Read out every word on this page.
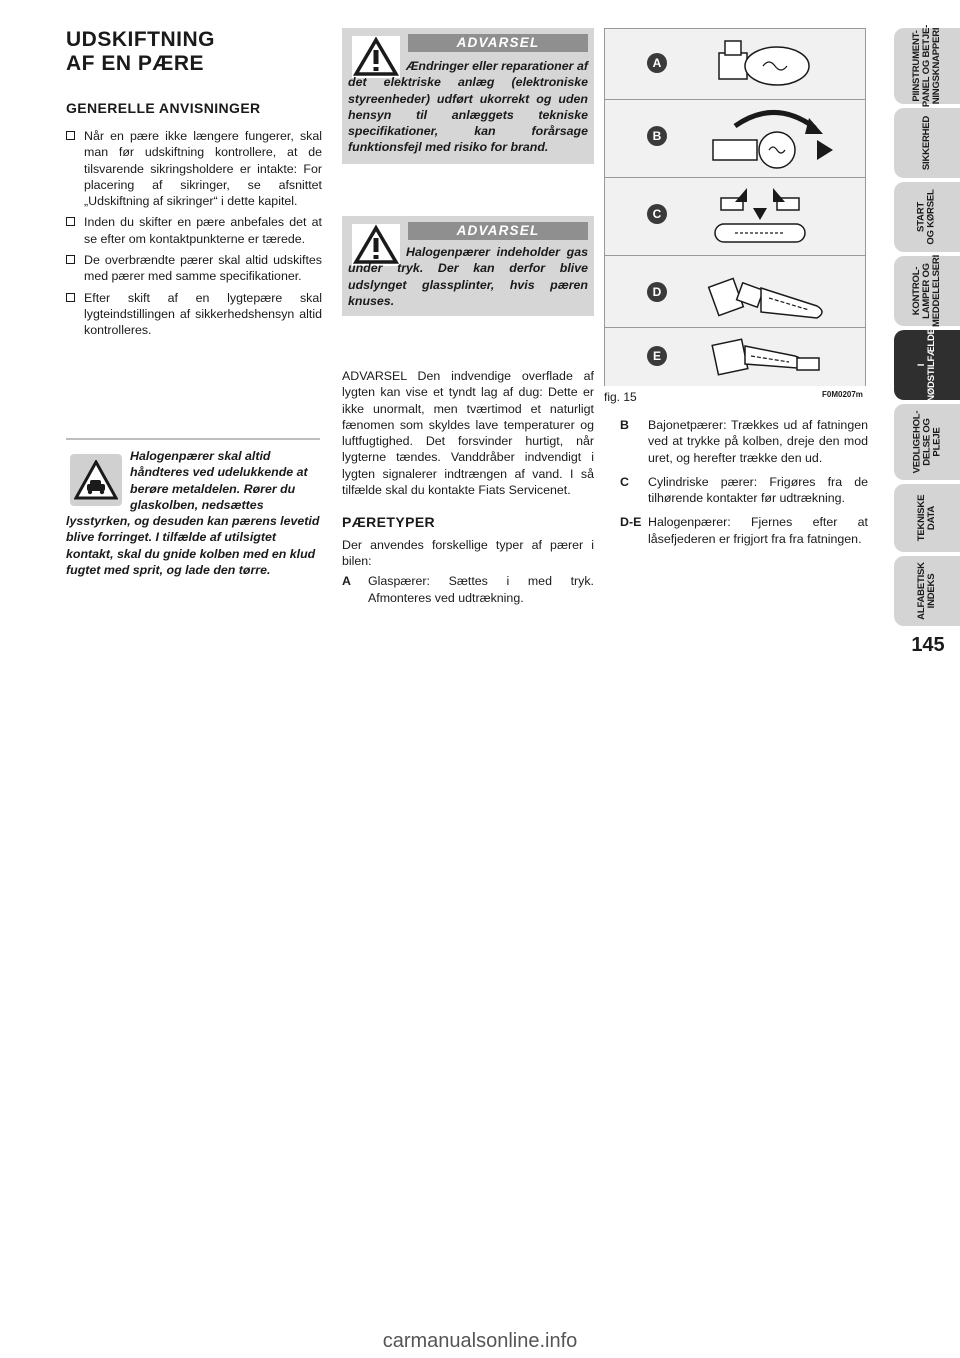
UDSKIFTNING
AF EN PÆRE
GENERELLE ANVISNINGER
Når en pære ikke længere fungerer, skal man før udskiftning kontrollere, at de tilsvarende sikringsholdere er intakte: For placering af sikringer, se afsnittet „Udskiftning af sikringer“ i dette kapitel.
Inden du skifter en pære anbefales det at se efter om kontaktpunkterne er tærede.
De overbrændte pærer skal altid udskiftes med pærer med samme specifikationer.
Efter skift af en lygtepære skal lygteindstillingen af sikkerhedshensyn altid kontrolleres.
Halogenpærer skal altid håndteres ved udelukkende at berøre metaldelen. Rører du glaskolben, nedsættes lysstyrken, og desuden kan pærens levetid blive forringet. I tilfælde af utilsigtet kontakt, skal du gnide kolben med en klud fugtet med sprit, og lade den tørre.
ADVARSEL
Ændringer eller reparationer af det elektriske anlæg (elektroniske styreenheder) udført ukorrekt og uden hensyn til anlæggets tekniske specifikationer, kan forårsage funktionsfejl med risiko for brand.
ADVARSEL
Halogenpærer indeholder gas under tryk. Der kan derfor blive udslynget glassplinter, hvis pæren knuses.

ADVARSEL Den indvendige overflade af lygten kan vise et tyndt lag af dug: Dette er ikke unormalt, men tværtimod et naturligt fænomen som skyldes lave temperaturer og luftfugtighed. Det forsvinder hurtigt, når lygterne tændes. Vanddråber indvendigt i lygten signalerer indtrængen af vand. I så tilfælde skal du kontakte Fiats Servicenet.

PÆRETYPER

Der anvendes forskellige typer af pærer i bilen:

A	Glaspærer: Sættes i med tryk. Afmonteres ved udtrækning.
A
B
C
D
E
fig. 15	F0M0207m
B	Bajonetpærer: Trækkes ud af fatningen ved at trykke på kolben, dreje den mod uret, og herefter trække den ud.
C	Cylindriske pærer: Frigøres fra de tilhørende kontakter før udtrækning.
D-E Halogenpærer: Fjernes efter at låsefjederen er frigjort fra fra fatningen.
PIINSTRUMENT-
PANEL OG BETJE-
NINGSKNAPPERI
SIKKERHED
START
OG KØRSEL
KONTROL-
LAMPER OG
MEDDELELSERI
I
NØDSTILFÆLDE
VEDLIGEHOL-
DELSE OG
PLEJE
TEKNISKE
DATA
ALFABETISK
INDEKS
145
carmanualsonline.info
